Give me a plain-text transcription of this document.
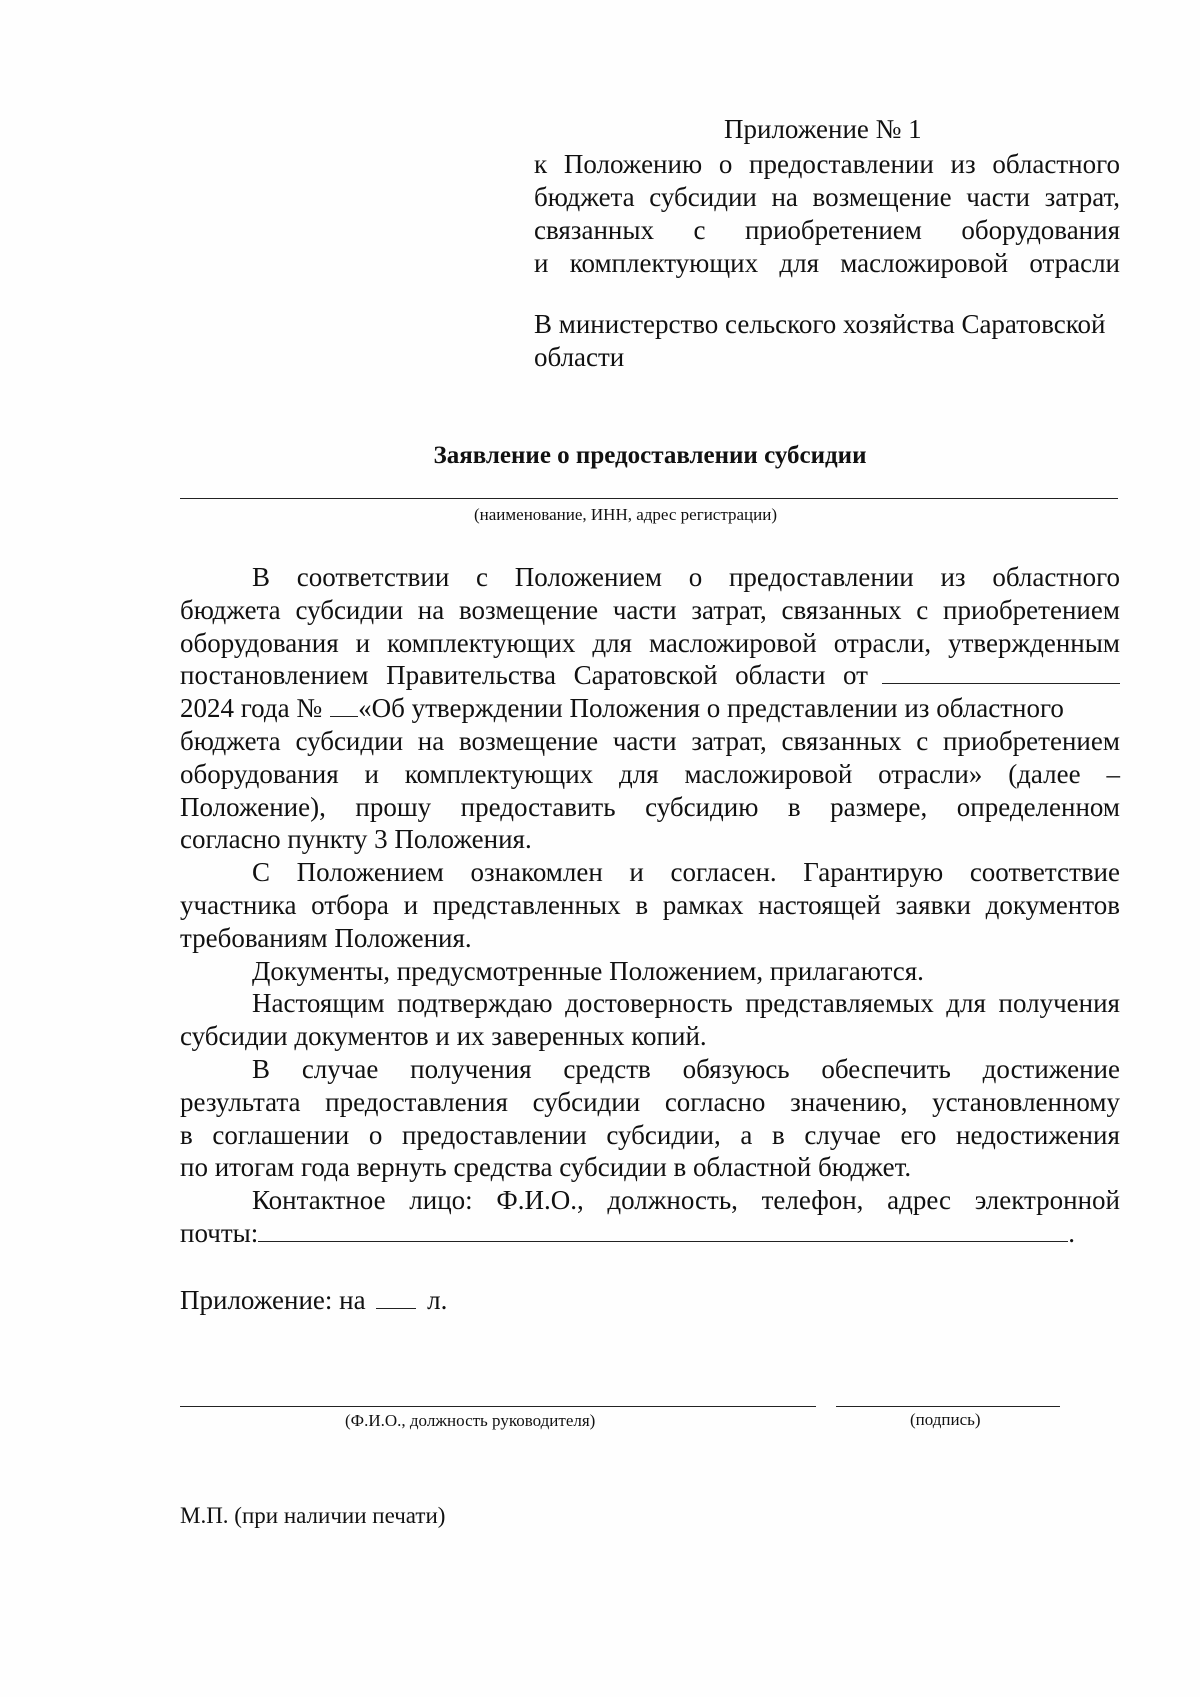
Приложение № 1
к Положению о предоставлении из областного
бюджета субсидии на возмещение части затрат,
связанных с приобретением оборудования
и комплектующих для масложировой отрасли
В министерство сельского хозяйства Саратовской
области
Заявление о предоставлении субсидии
(наименование, ИНН, адрес регистрации)
В соответствии с Положением о предоставлении из областного
бюджета субсидии на возмещение части затрат, связанных с приобретением
оборудования и комплектующих для масложировой отрасли, утвержденным
постановлением Правительства Саратовской области от
2024 года № «Об утверждении Положения о представлении из областного
бюджета субсидии на возмещение части затрат, связанных с приобретением
оборудования и комплектующих для масложировой отрасли» (далее –
Положение), прошу предоставить субсидию в размере, определенном
согласно пункту 3 Положения.
С Положением ознакомлен и согласен. Гарантирую соответствие
участника отбора и представленных в рамках настоящей заявки документов
требованиям Положения.
Документы, предусмотренные Положением, прилагаются.
Настоящим подтверждаю достоверность представляемых для получения
субсидии документов и их заверенных копий.
В случае получения средств обязуюсь обеспечить достижение
результата предоставления субсидии согласно значению, установленному
в соглашении о предоставлении субсидии, а в случае его недостижения
по итогам года вернуть средства субсидии в областной бюджет.
Контактное лицо: Ф.И.О., должность, телефон, адрес электронной
почты:	.
Приложение: на л.
(Ф.И.О., должность руководителя)	(подпись)
М.П. (при наличии печати)
